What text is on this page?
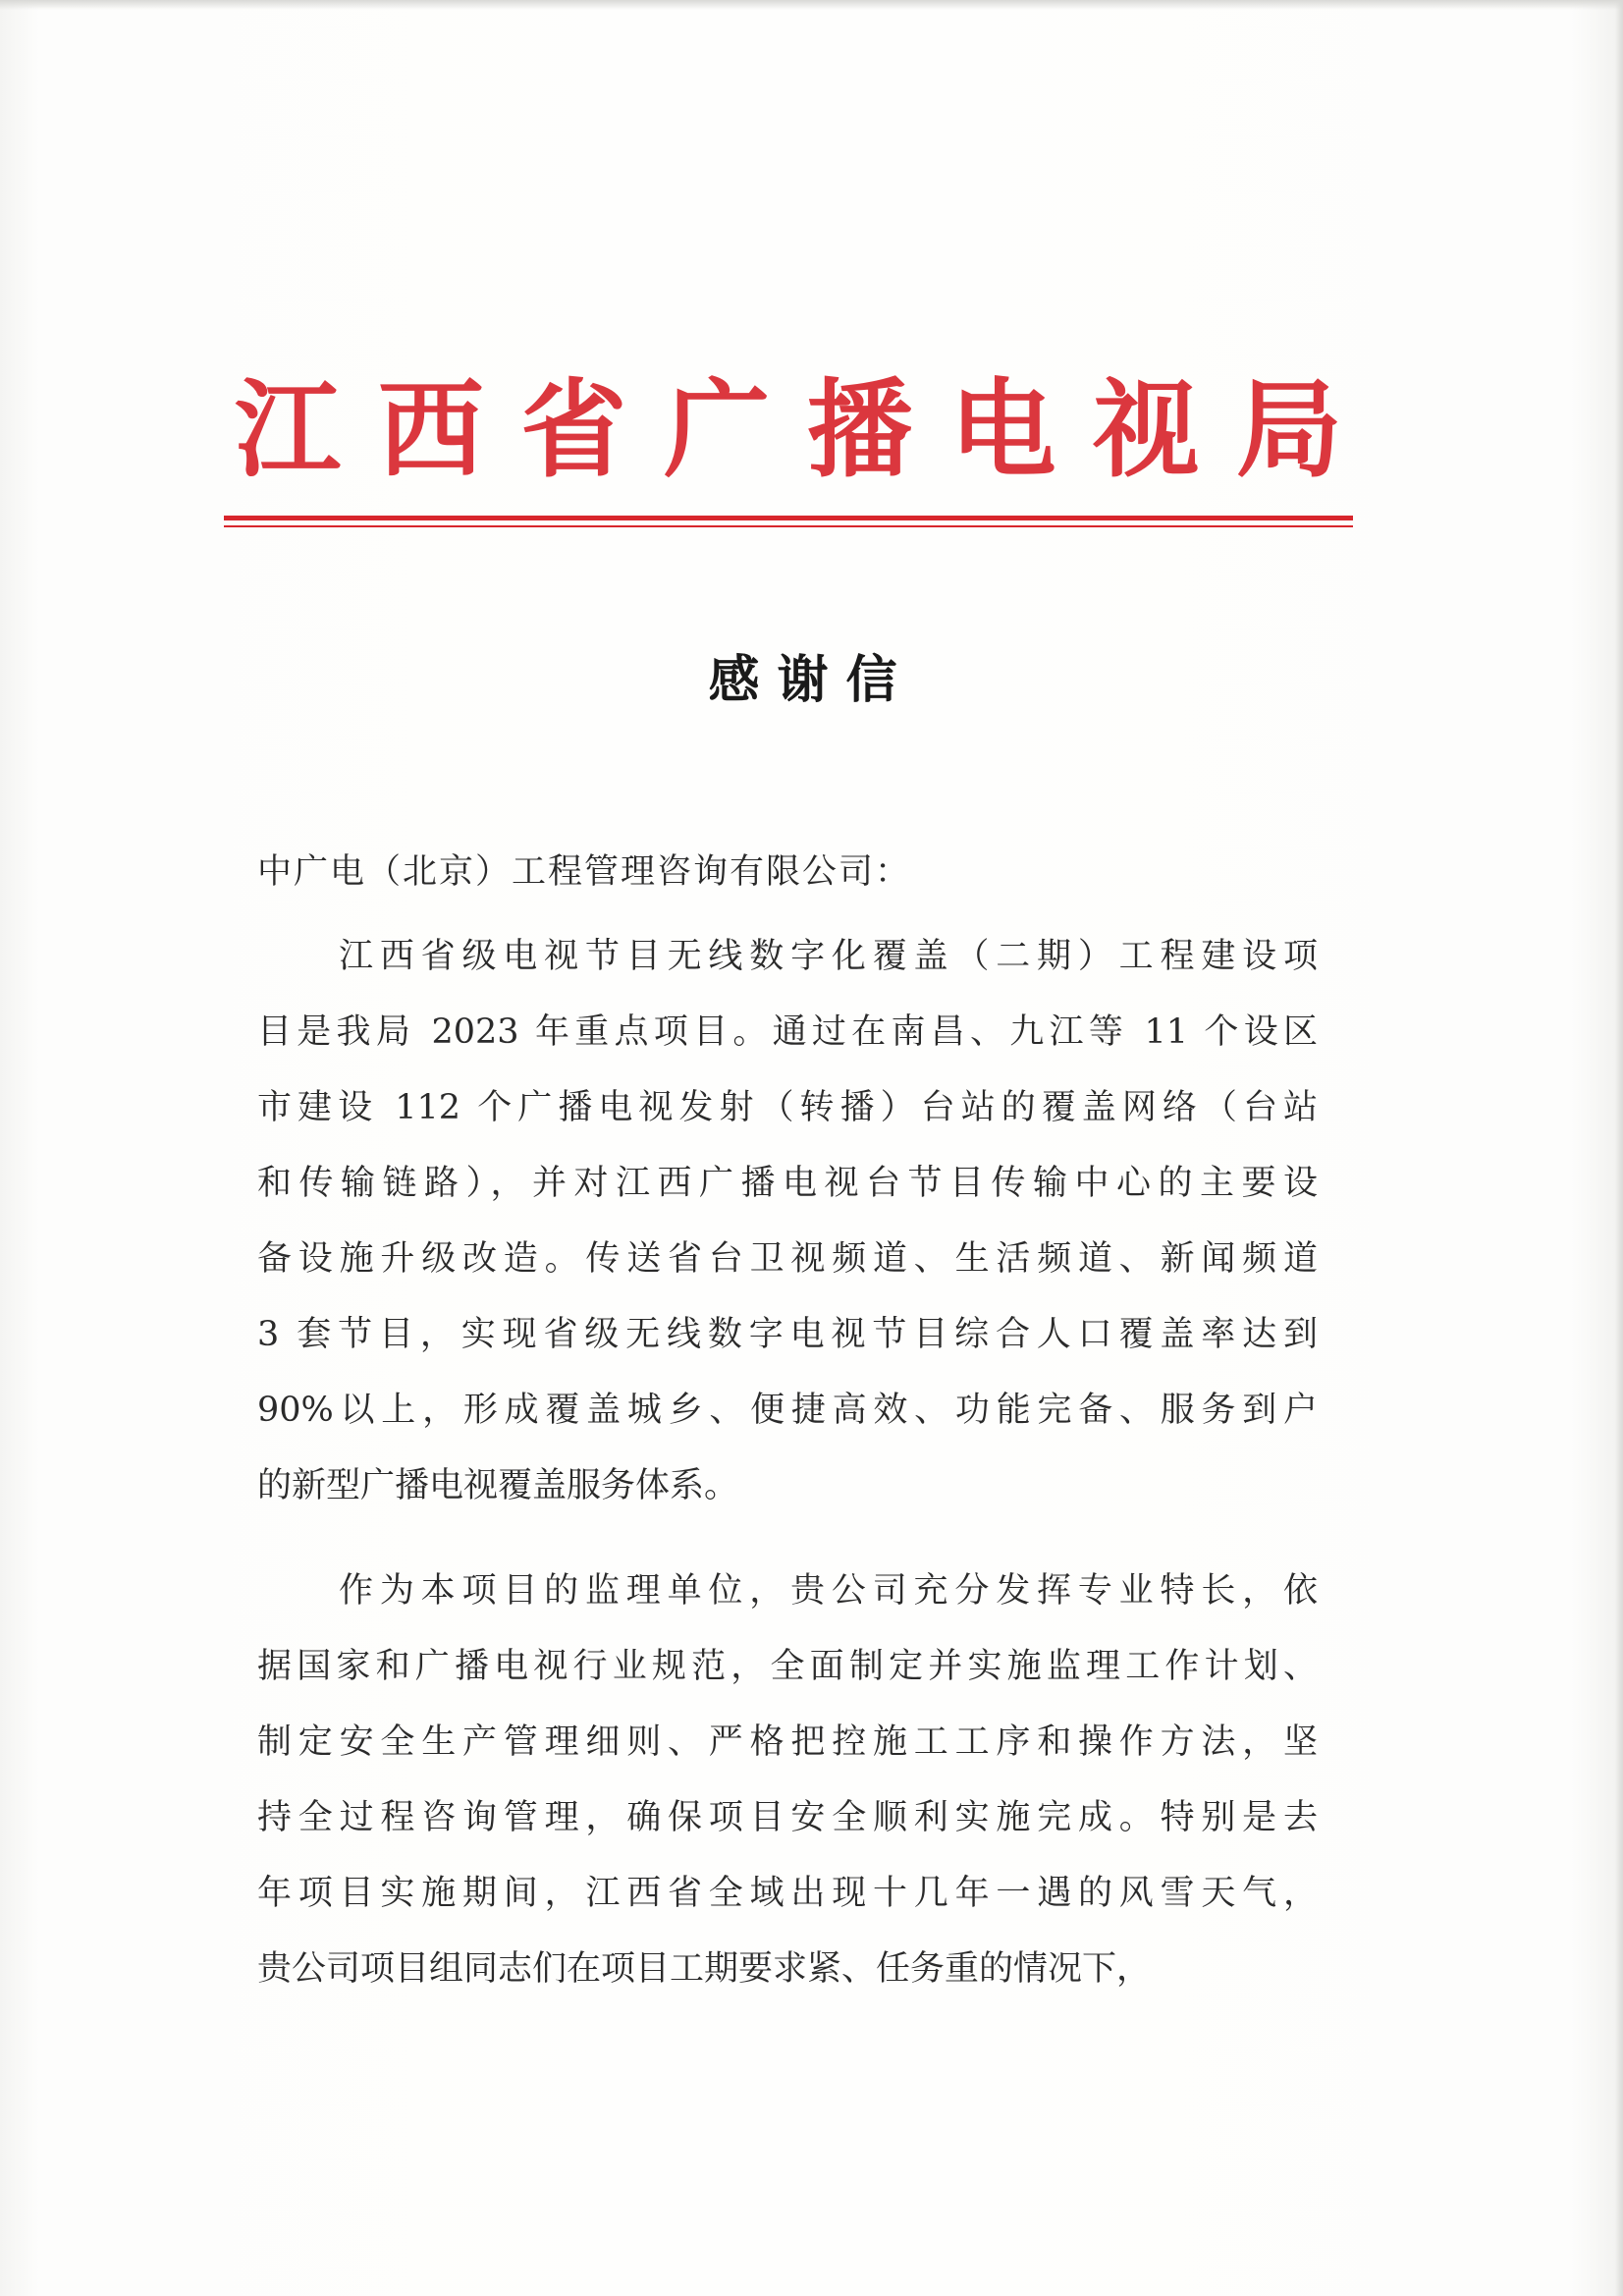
江 西 省 广 播 电 视 局
感谢信
中广电（北京）工程管理咨询有限公司：
江西省级电视节目无线数字化覆盖（二期）工程建设项
目是我局 2023 年重点项目。通过在南昌、九江等 11 个设区
市建设 112 个广播电视发射（转播）台站的覆盖网络（台站
和传输链路），并对江西广播电视台节目传输中心的主要设
备设施升级改造。传送省台卫视频道、生活频道、新闻频道
3 套节目，实现省级无线数字电视节目综合人口覆盖率达到
90%以上，形成覆盖城乡、便捷高效、功能完备、服务到户
的新型广播电视覆盖服务体系。
作为本项目的监理单位，贵公司充分发挥专业特长，依
据国家和广播电视行业规范，全面制定并实施监理工作计划、
制定安全生产管理细则、严格把控施工工序和操作方法，坚
持全过程咨询管理，确保项目安全顺利实施完成。特别是去
年项目实施期间，江西省全域出现十几年一遇的风雪天气，
贵公司项目组同志们在项目工期要求紧、任务重的情况下，
